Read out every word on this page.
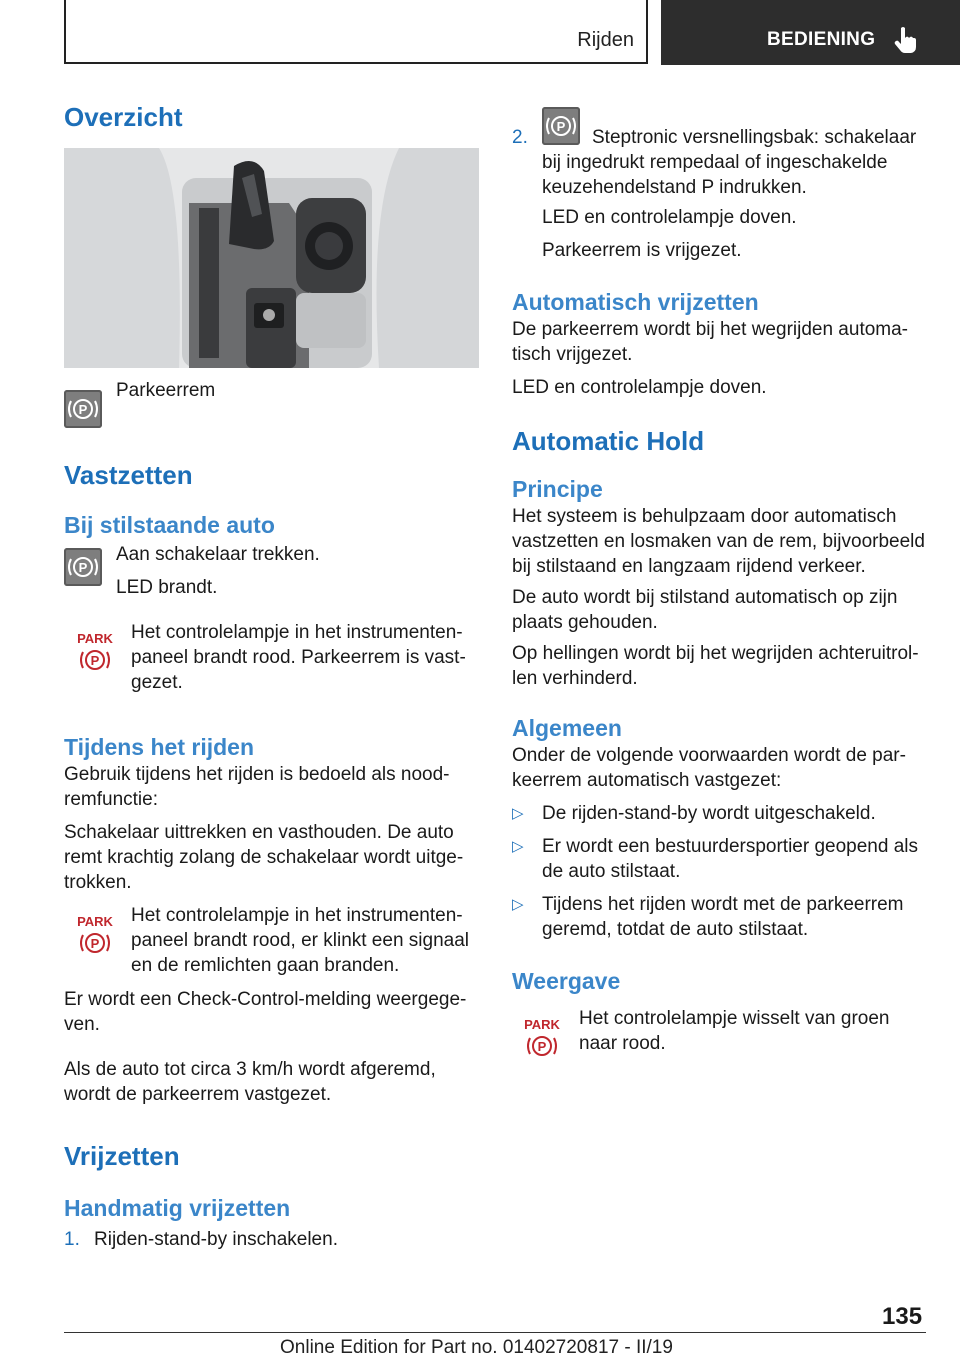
Rijden	BEDIENING
Overzicht
P

Parkeerrem

Vastzetten
Bij stilstaande auto
P

Aan schakelaar trekken.

LED brandt.

PARK
P

Het controlelampje in het instrumenten-

paneel brandt rood. Parkeerrem is vast-

gezet.

Tijdens het rijden

Gebruik tijdens het rijden is bedoeld als nood-

remfunctie:

Schakelaar uittrekken en vasthouden. De auto

remt krachtig zolang de schakelaar wordt uitge-

trokken.

PARK
P

Het controlelampje in het instrumenten-

paneel brandt rood, er klinkt een signaal

en de remlichten gaan branden.

Er wordt een Check-Control-melding weergege-

ven.

Als de auto tot circa 3 km/h wordt afgeremd,

wordt de parkeerrem vastgezet.

Vrijzetten
Handmatig vrijzetten

1. Rijden-stand-by inschakelen.

2.

P

Steptronic versnellingsbak: schakelaar

bij ingedrukt rempedaal of ingeschakelde

keuzehendelstand P indrukken.

LED en controlelampje doven.

Parkeerrem is vrijgezet.

Automatisch vrijzetten

De parkeerrem wordt bij het wegrijden automa-

tisch vrijgezet.

LED en controlelampje doven.

Automatic Hold
Principe

Het systeem is behulpzaam door automatisch

vastzetten en losmaken van de rem, bijvoorbeeld

bij stilstaand en langzaam rijdend verkeer.

De auto wordt bij stilstand automatisch op zijn

plaats gehouden.

Op hellingen wordt bij het wegrijden achteruitrol-

len verhinderd.

Algemeen

Onder de volgende voorwaarden wordt de par-

keerrem automatisch vastgezet:

▷ De rijden-stand-by wordt uitgeschakeld.

▷ Er wordt een bestuurdersportier geopend als

de auto stilstaat.

▷ Tijdens het rijden wordt met de parkeerrem

geremd, totdat de auto stilstaat.

Weergave
PARK
P

Het controlelampje wisselt van groen

naar rood.

135
Online Edition for Part no. 01402720817 - II/19
